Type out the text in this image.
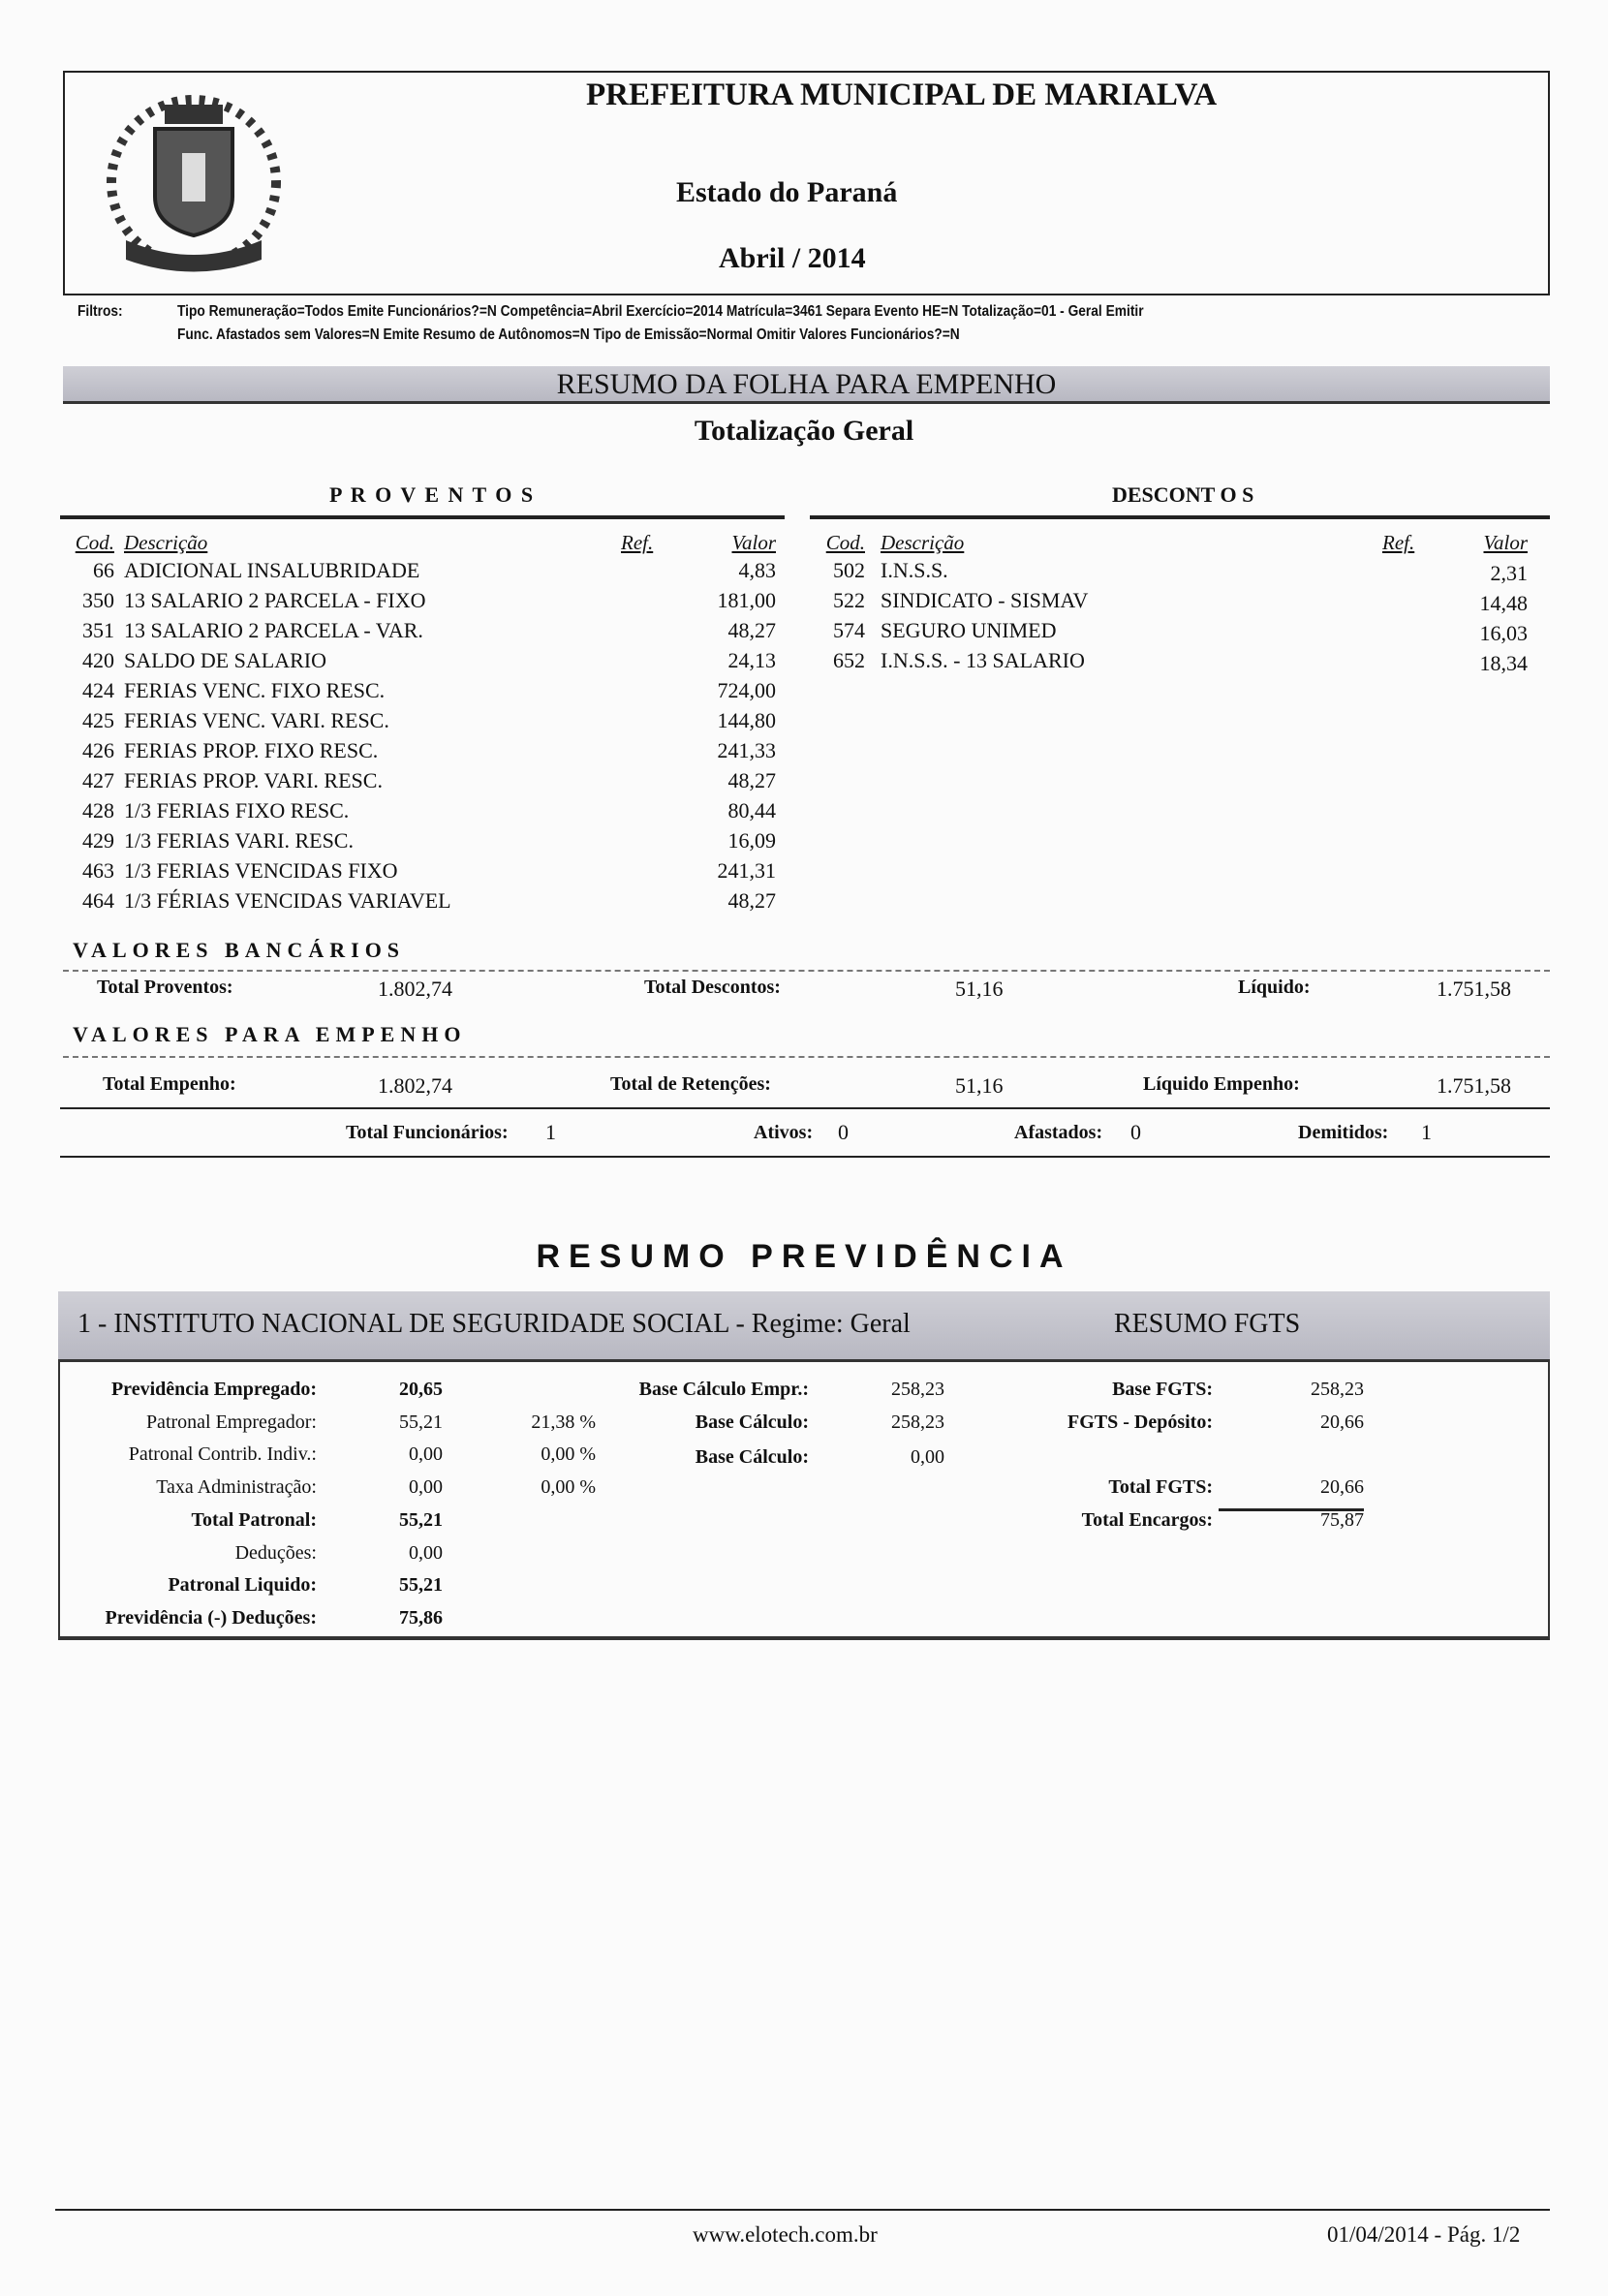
PREFEITURA MUNICIPAL DE MARIALVA
Estado do Paraná
Abril / 2014
Filtros:	Tipo Remuneração=Todos Emite Funcionários?=N Competência=Abril Exercício=2014 Matrícula=3461 Separa Evento HE=N Totalização=01 - Geral Emitir
Func. Afastados sem Valores=N Emite Resumo de Autônomos=N Tipo de Emissão=Normal Omitir Valores Funcionários?=N
RESUMO DA FOLHA PARA EMPENHO
Totalização Geral
P R O V E N T O S	DESCONT O S
Cod. Descrição	Ref.	Valor
66 ADICIONAL INSALUBRIDADE	4,83
350 13 SALARIO 2 PARCELA - FIXO	181,00
351 13 SALARIO 2 PARCELA - VAR.	48,27
420 SALDO DE SALARIO	24,13
424 FERIAS VENC. FIXO RESC.	724,00
425 FERIAS VENC. VARI. RESC.	144,80
426 FERIAS PROP. FIXO RESC.	241,33
427 FERIAS PROP. VARI. RESC.	48,27
428 1/3 FERIAS FIXO RESC.	80,44
429 1/3 FERIAS VARI. RESC.	16,09
463 1/3 FERIAS VENCIDAS FIXO	241,31
464 1/3 FÉRIAS VENCIDAS VARIAVEL	48,27
Cod. Descrição	Ref.	Valor
502 I.N.S.S.	2,31
522 SINDICATO - SISMAV	14,48
574 SEGURO UNIMED	16,03
652 I.N.S.S. - 13 SALARIO	18,34
VALORES BANCÁRIOS
Total Proventos:	1.802,74	Total Descontos:	51,16	Líquido:	1.751,58
VALORES PARA EMPENHO
Total Empenho:	1.802,74	Total de Retenções:	51,16	Líquido Empenho:	1.751,58
Total Funcionários: 1	Ativos: 0	Afastados: 0	Demitidos: 1
RESUMO PREVIDÊNCIA
1 - INSTITUTO NACIONAL DE SEGURIDADE SOCIAL - Regime: Geral	RESUMO FGTS
Previdência Empregado:	20,65
Patronal Empregador:	55,21	21,38 %
Patronal Contrib. Indiv.:	0,00	0,00 %
Taxa Administração:	0,00	0,00 %
Total Patronal:	55,21
Deduções:	0,00
Patronal Liquido:	55,21
Previdência (-) Deduções:	75,86
Base Cálculo Empr.:	258,23
Base Cálculo:	258,23
Base Cálculo:	0,00
Base FGTS:	258,23
FGTS - Depósito:	20,66
Total FGTS:	20,66
Total Encargos:	75,87
www.elotech.com.br	01/04/2014 - Pág. 1/2
